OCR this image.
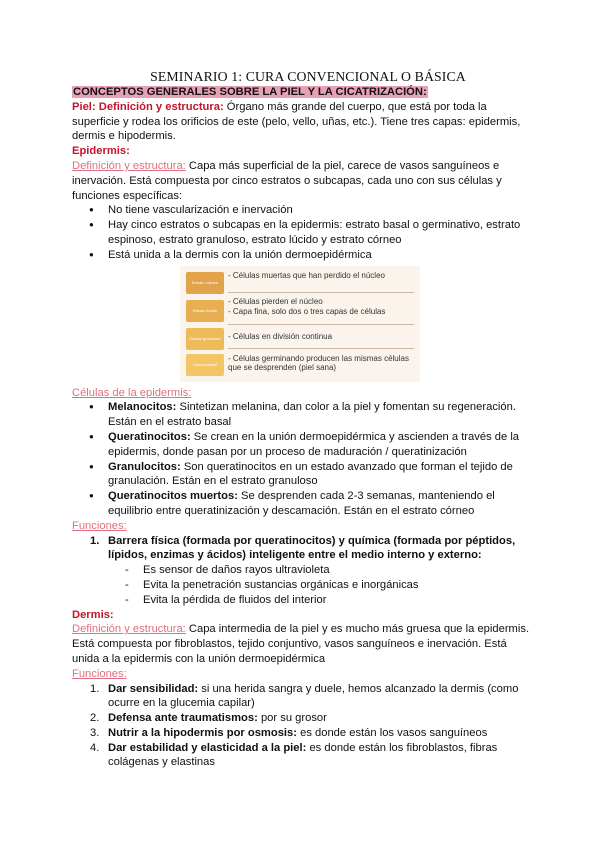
SEMINARIO 1: CURA CONVENCIONAL O BÁSICA

CONCEPTOS GENERALES SOBRE LA PIEL Y LA CICATRIZACIÓN:

Piel: Definición y estructura: Órgano más grande del cuerpo, que está por toda la superficie y rodea los orificios de este (pelo, vello, uñas, etc.). Tiene tres capas: epidermis, dermis e hipodermis.

Epidermis:

Definición y estructura: Capa más superficial de la piel, carece de vasos sanguíneos e inervación. Está compuesta por cinco estratos o subcapas, cada uno con sus células y funciones específicas:

● No tiene vascularización e inervación
● Hay cinco estratos o subcapas en la epidermis: estrato basal o germinativo, estrato espinoso, estrato granuloso, estrato lúcido y estrato córneo
● Está unida a la dermis con la unión dermoepidérmica
Estrato córneo
Estrato lúcido
Estrato granuloso
Estrato basal
- Células muertas que han perdido el núcleo
- Células pierden el núcleo
- Capa fina, solo dos o tres capas de células
- Células en división continua
- Células germinando producen las mismas células que se desprenden (piel sana)

Células de la epidermis:

● Melanocitos: Sintetizan melanina, dan color a la piel y fomentan su regeneración. Están en el estrato basal
● Queratinocitos: Se crean en la unión dermoepidérmica y ascienden a través de la epidermis, donde pasan por un proceso de maduración / queratinización
● Granulocitos: Son queratinocitos en un estado avanzado que forman el tejido de granulación. Están en el estrato granuloso
● Queratinocitos muertos: Se desprenden cada 2-3 semanas, manteniendo el equilibrio entre queratinización y descamación. Están en el estrato córneo

Funciones:

1. Barrera física (formada por queratinocitos) y química (formada por péptidos, lípidos, enzimas y ácidos) inteligente entre el medio interno y externo:
- Es sensor de daños rayos ultravioleta
- Evita la penetración sustancias orgánicas e inorgánicas
- Evita la pérdida de fluidos del interior

Dermis:

Definición y estructura: Capa intermedia de la piel y es mucho más gruesa que la epidermis. Está compuesta por fibroblastos, tejido conjuntivo, vasos sanguíneos e inervación. Está unida a la epidermis con la unión dermoepidérmica

Funciones:

1. Dar sensibilidad: si una herida sangra y duele, hemos alcanzado la dermis (como ocurre en la glucemia capilar)
2. Defensa ante traumatismos: por su grosor
3. Nutrir a la hipodermis por osmosis: es donde están los vasos sanguíneos
4. Dar estabilidad y elasticidad a la piel: es donde están los fibroblastos, fibras colágenas y elastinas
